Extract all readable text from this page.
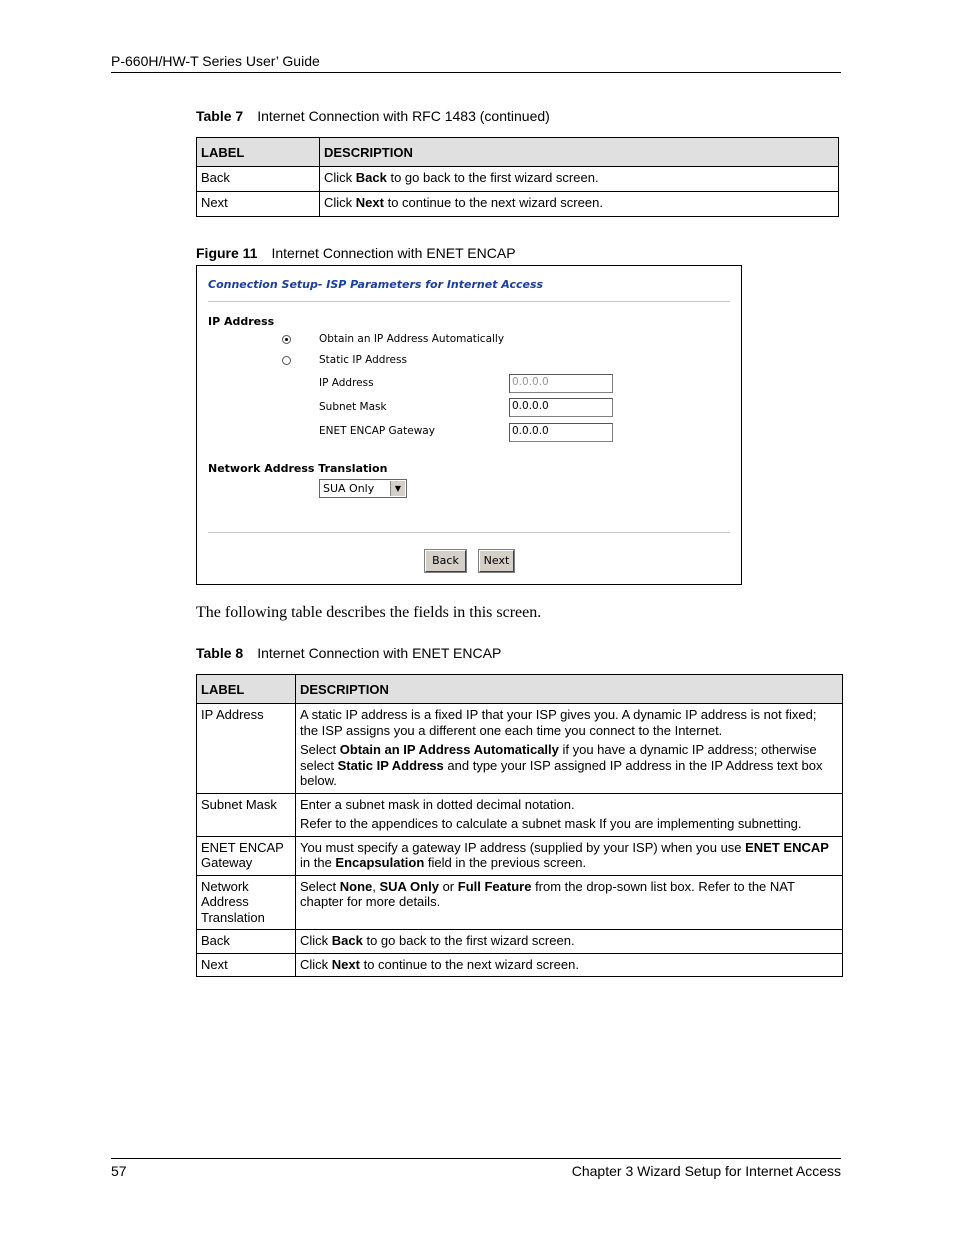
P-660H/HW-T Series User’ Guide
Table 7 Internet Connection with RFC 1483 (continued)
LABEL	DESCRIPTION
Back	Click Back to go back to the first wizard screen.
Next	Click Next to continue to the next wizard screen.
Figure 11 Internet Connection with ENET ENCAP
Connection Setup- ISP Parameters for Internet Access
IP Address
Obtain an IP Address Automatically
Static IP Address
IP Address	0.0.0.0
Subnet Mask	0.0.0.0
ENET ENCAP Gateway	0.0.0.0
Network Address Translation
SUA Only	▼
Back	Next
The following table describes the fields in this screen.
Table 8 Internet Connection with ENET ENCAP
LABEL	DESCRIPTION
IP Address	A static IP address is a fixed IP that your ISP gives you. A dynamic IP address is not fixed; the ISP assigns you a different one each time you connect to the Internet.

Select Obtain an IP Address Automatically if you have a dynamic IP address; otherwise select Static IP Address and type your ISP assigned IP address in the IP Address text box below.

Subnet Mask	Enter a subnet mask in dotted decimal notation.

Refer to the appendices to calculate a subnet mask If you are implementing subnetting.

ENET ENCAP
Gateway	You must specify a gateway IP address (supplied by your ISP) when you use ENET ENCAP in the Encapsulation field in the previous screen.
Network
Address
Translation	Select None, SUA Only or Full Feature from the drop-sown list box. Refer to the NAT chapter for more details.
Back	Click Back to go back to the first wizard screen.
Next	Click Next to continue to the next wizard screen.
57	Chapter 3 Wizard Setup for Internet Access
